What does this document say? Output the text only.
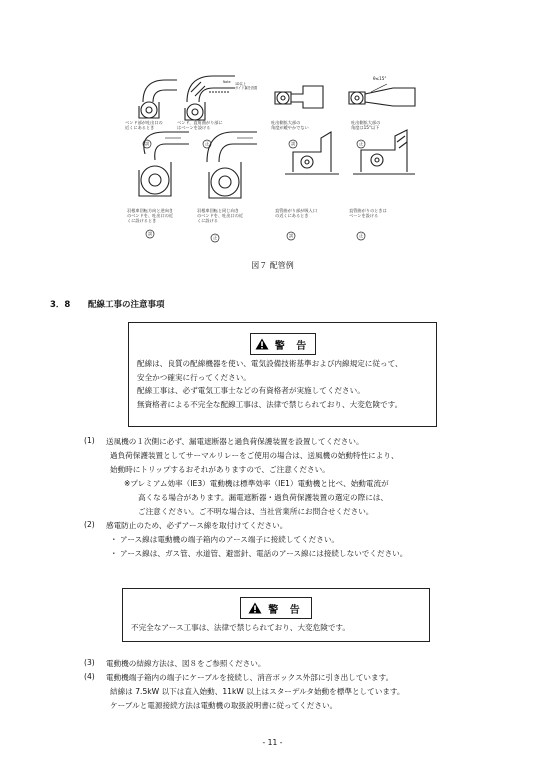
ベンド部が吐出口の
近くにあるとき
ベンド、直角曲がり部に
はベーンを設ける
吐出側拡大部の
角度が緩やかでない
吐出側拡大部の
角度は15°以下
羽根車回転方向と逆向き
のベンドを、吐出口の近
くに設けるとき
羽根車回転と同じ向き
のベンドを、吐出口の近
くに設ける
直管曲がり部が吸入口
の近くにあるとき
直管曲がりのときは
ベーンを設ける
θ≤15°
Note 1D以上
ガイド翼を設置
誤	正	誤	正
誤
正	誤	正
図７ 配管例
3．8 配線工事の注意事項
警 告
配線は、良質の配線機器を使い、電気設備技術基準および内線規定に従って、
安全かつ確実に行ってください。
配線工事は、必ず電気工事士などの有資格者が実施してください。
無資格者による不完全な配線工事は、法律で禁じられており、大変危険です。
(1) 送風機の１次側に必ず、漏電遮断器と過負荷保護装置を設置してください。
過負荷保護装置としてサーマルリレーをご使用の場合は、送風機の始動特性により、
始動時にトリップするおそれがありますので、ご注意ください。
※プレミアム効率（IE3）電動機は標準効率（IE1）電動機と比べ、始動電流が
高くなる場合があります。漏電遮断器・過負荷保護装置の選定の際には、
ご注意ください。ご不明な場合は、当社営業所にお問合せください。
(2) 感電防止のため、必ずアース線を取付けてください。
・ アース線は電動機の端子箱内のアース端子に接続してください。
・ アース線は、ガス管、水道管、避雷針、電話のアース線には接続しないでください。
警 告
不完全なアース工事は、法律で禁じられており、大変危険です。
(3) 電動機の結線方法は、図８をご参照ください。
(4) 電動機端子箱内の端子にケーブルを接続し、消音ボックス外部に引き出しています。
結線は 7.5kW 以下は直入始動、11kW 以上はスターデルタ始動を標準としています。
ケーブルと電源接続方法は電動機の取扱説明書に従ってください。
- 11 -
